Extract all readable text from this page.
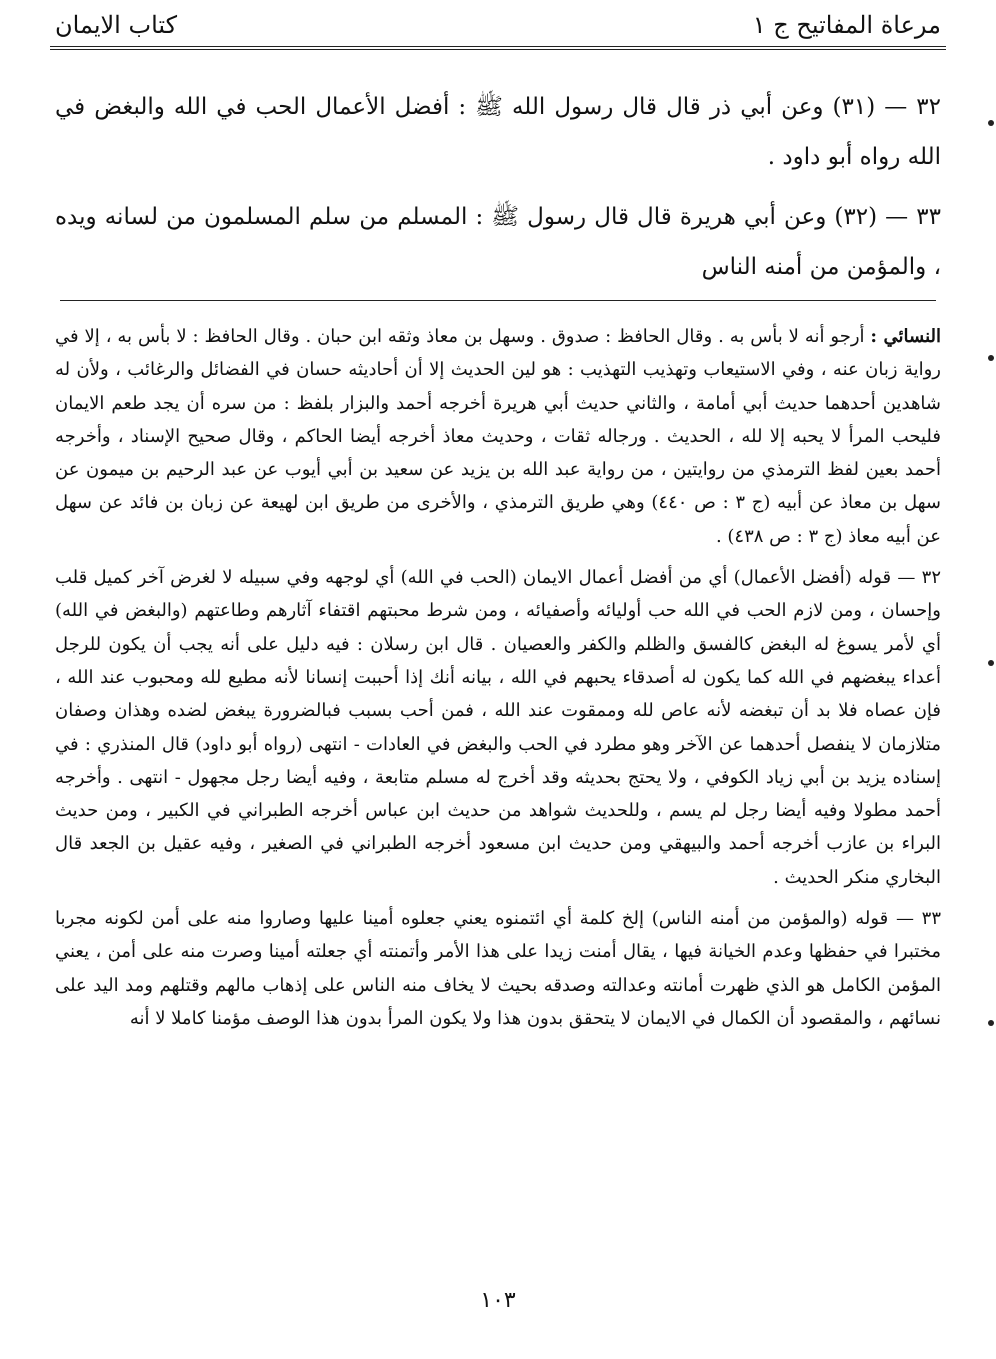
مرعاة المفاتيح ج ١
كتاب الايمان

٣٢ — (٣١) وعن أبي ذر قال قال رسول الله ﷺ : أفضل الأعمال الحب في الله والبغض في الله رواه أبو داود .

٣٣ — (٣٢) وعن أبي هريرة قال قال رسول ﷺ : المسلم من سلم المسلمون من لسانه ويده ، والمؤمن من أمنه الناس

النسائي : أرجو أنه لا بأس به . وقال الحافظ : صدوق . وسهل بن معاذ وثقه ابن حبان . وقال الحافظ : لا بأس به ، إلا في رواية زبان عنه ، وفي الاستيعاب وتهذيب التهذيب : هو لين الحديث إلا أن أحاديثه حسان في الفضائل والرغائب ، ولأن له شاهدين أحدهما حديث أبي أمامة ، والثاني حديث أبي هريرة أخرجه أحمد والبزار بلفظ : من سره أن يجد طعم الايمان فليحب المرأ لا يحبه إلا لله ، الحديث . ورجاله ثقات ، وحديث معاذ أخرجه أيضا الحاكم ، وقال صحيح الإسناد ، وأخرجه أحمد بعين لفظ الترمذي من روايتين ، من رواية عبد الله بن يزيد عن سعيد بن أبي أيوب عن عبد الرحيم بن ميمون عن سهل بن معاذ عن أبيه (ج ٣ : ص ٤٤٠) وهي طريق الترمذي ، والأخرى من طريق ابن لهيعة عن زبان بن فائد عن سهل عن أبيه معاذ (ج ٣ : ص ٤٣٨) .

٣٢ — قوله (أفضل الأعمال) أي من أفضل أعمال الايمان (الحب في الله) أي لوجهه وفي سبيله لا لغرض آخر كميل قلب وإحسان ، ومن لازم الحب في الله حب أوليائه وأصفيائه ، ومن شرط محبتهم اقتفاء آثارهم وطاعتهم (والبغض في الله) أي لأمر يسوغ له البغض كالفسق والظلم والكفر والعصيان . قال ابن رسلان : فيه دليل على أنه يجب أن يكون للرجل أعداء يبغضهم في الله كما يكون له أصدقاء يحبهم في الله ، بيانه أنك إذا أحببت إنسانا لأنه مطيع لله ومحبوب عند الله ، فإن عصاه فلا بد أن تبغضه لأنه عاص لله وممقوت عند الله ، فمن أحب بسبب فبالضرورة يبغض لضده وهذان وصفان متلازمان لا ينفصل أحدهما عن الآخر وهو مطرد في الحب والبغض في العادات - انتهى (رواه أبو داود) قال المنذري : في إسناده يزيد بن أبي زياد الكوفي ، ولا يحتج بحديثه وقد أخرج له مسلم متابعة ، وفيه أيضا رجل مجهول - انتهى . وأخرجه أحمد مطولا وفيه أيضا رجل لم يسم ، وللحديث شواهد من حديث ابن عباس أخرجه الطبراني في الكبير ، ومن حديث البراء بن عازب أخرجه أحمد والبيهقي ومن حديث ابن مسعود أخرجه الطبراني في الصغير ، وفيه عقيل بن الجعد قال البخاري منكر الحديث .

٣٣ — قوله (والمؤمن من أمنه الناس) إلخ كلمة أي ائتمنوه يعني جعلوه أمينا عليها وصاروا منه على أمن لكونه مجربا مختبرا في حفظها وعدم الخيانة فيها ، يقال أمنت زيدا على هذا الأمر وأتمنته أي جعلته أمينا وصرت منه على أمن ، يعني المؤمن الكامل هو الذي ظهرت أمانته وعدالته وصدقه بحيث لا يخاف منه الناس على إذهاب مالهم وقتلهم ومد اليد على نسائهم ، والمقصود أن الكمال في الايمان لا يتحقق بدون هذا ولا يكون المرأ بدون هذا الوصف مؤمنا كاملا لا أنه

١٠٣
